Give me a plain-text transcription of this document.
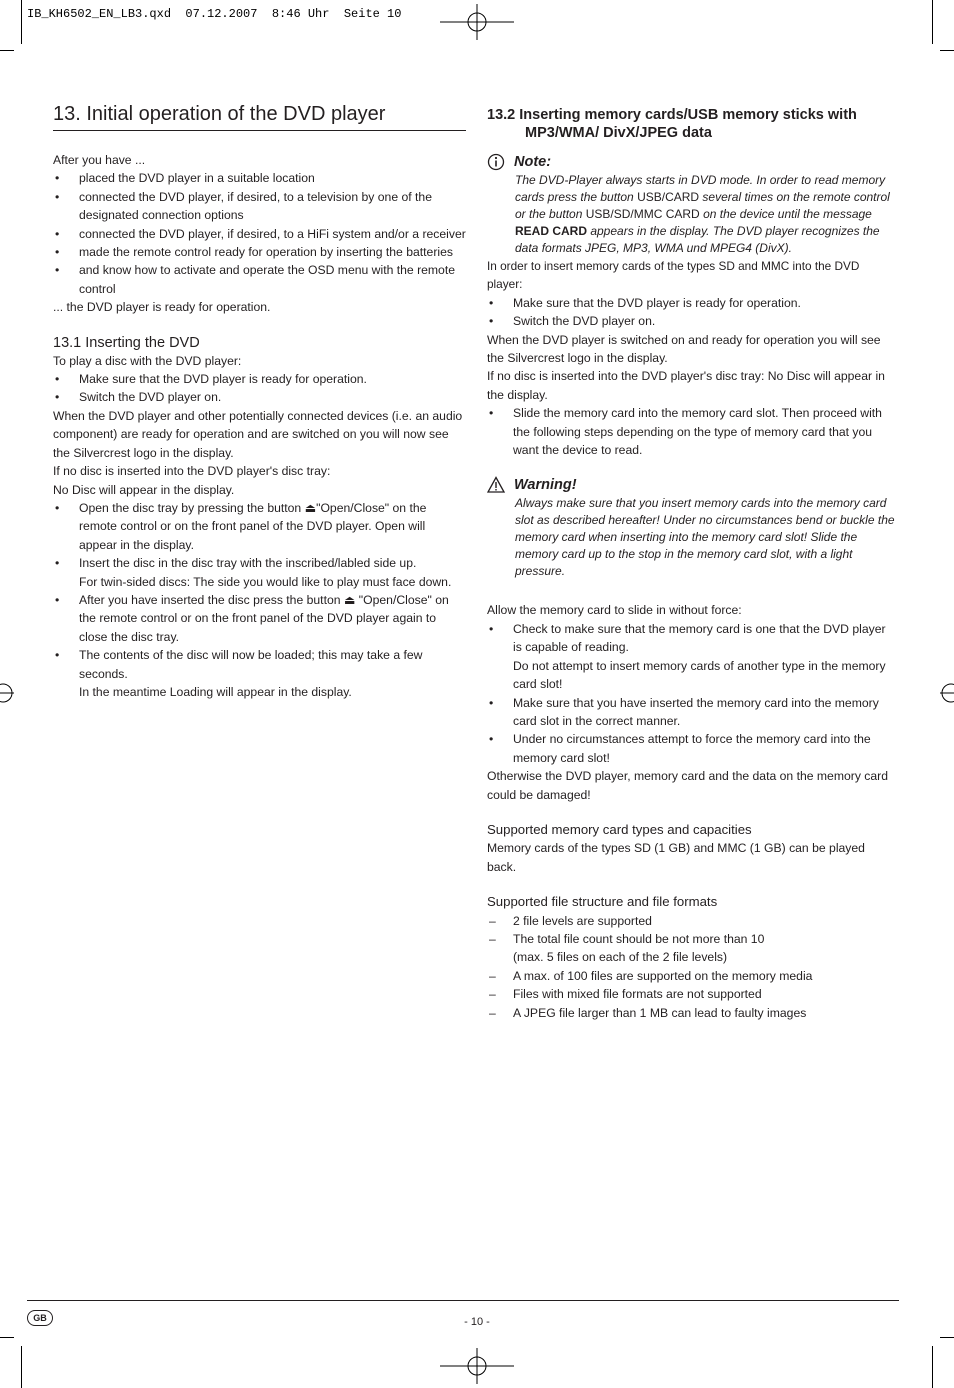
IB_KH6502_EN_LB3.qxd  07.12.2007  8:46 Uhr  Seite 10
13. Initial operation of the DVD player

After you have ...

• placed the DVD player in a suitable location
• connected the DVD player, if desired, to a television by one of the designated connection options
• connected the DVD player, if desired, to a HiFi system and/or a receiver
• made the remote control ready for operation by inserting the batteries
• and know how to activate and operate the OSD menu with the remote control

... the DVD player is ready for operation.

13.1 Inserting the DVD

To play a disc with the DVD player:

• Make sure that the DVD player is ready for operation.
• Switch the DVD player on.

When the DVD player and other potentially connected devices (i.e. an audio component) are ready for operation and are switched on you will now see the Silvercrest logo in the display.

If no disc is inserted into the DVD player's disc tray:

No Disc will appear in the display.

• Open the disc tray by pressing the button ⏏"Open/Close" on the remote control or on the front panel of the DVD player. Open will appear in the display.
• Insert the disc in the disc tray with the inscribed/labled side up.
For twin-sided discs: The side you would like to play must face down.
• After you have inserted the disc press the button ⏏ "Open/Close" on the remote control or on the front panel of the DVD player again to close the disc tray.
• The contents of the disc will now be loaded; this may take a few seconds.
In the meantime Loading will appear in the display.
13.2 Inserting memory cards/USB memory sticks with MP3/WMA/ DivX/JPEG data
Note:
The DVD-Player always starts in DVD mode. In order to read memory cards press the button USB/CARD several times on the remote control or the button USB/SD/MMC CARD on the device until the message READ CARD appears in the display. The DVD player recognizes the data formats JPEG, MP3, WMA und MPEG4 (DivX).

In order to insert memory cards of the types SD and MMC into the DVD player:

• Make sure that the DVD player is ready for operation.
• Switch the DVD player on.

When the DVD player is switched on and ready for operation you will see the Silvercrest logo in the display.

If no disc is inserted into the DVD player's disc tray: No Disc will appear in the display.

• Slide the memory card into the memory card slot. Then proceed with the following steps depending on the type of memory card that you want the device to read.
Warning!
Always make sure that you insert memory cards into the memory card slot as described hereafter! Under no circumstances bend or buckle the memory card when inserting into the memory card slot! Slide the memory card up to the stop in the memory card slot, with a light pressure.

Allow the memory card to slide in without force:

• Check to make sure that the memory card is one that the DVD player is capable of reading.
Do not attempt to insert memory cards of another type in the memory card slot!
• Make sure that you have inserted the memory card into the memory card slot in the correct manner.
• Under no circumstances attempt to force the memory card into the memory card slot!

Otherwise the DVD player, memory card and the data on the memory card could be damaged!

Supported memory card types and capacities

Memory cards of the types SD (1 GB) and MMC (1 GB) can be played back.

Supported file structure and file formats
– 2 file levels are supported
– The total file count should be not more than 10
(max. 5 files on each of the 2 file levels)
– A max. of 100 files are supported on the memory media
– Files with mixed file formats are not supported
– A JPEG file larger than 1 MB can lead to faulty images
GB	- 10 -
